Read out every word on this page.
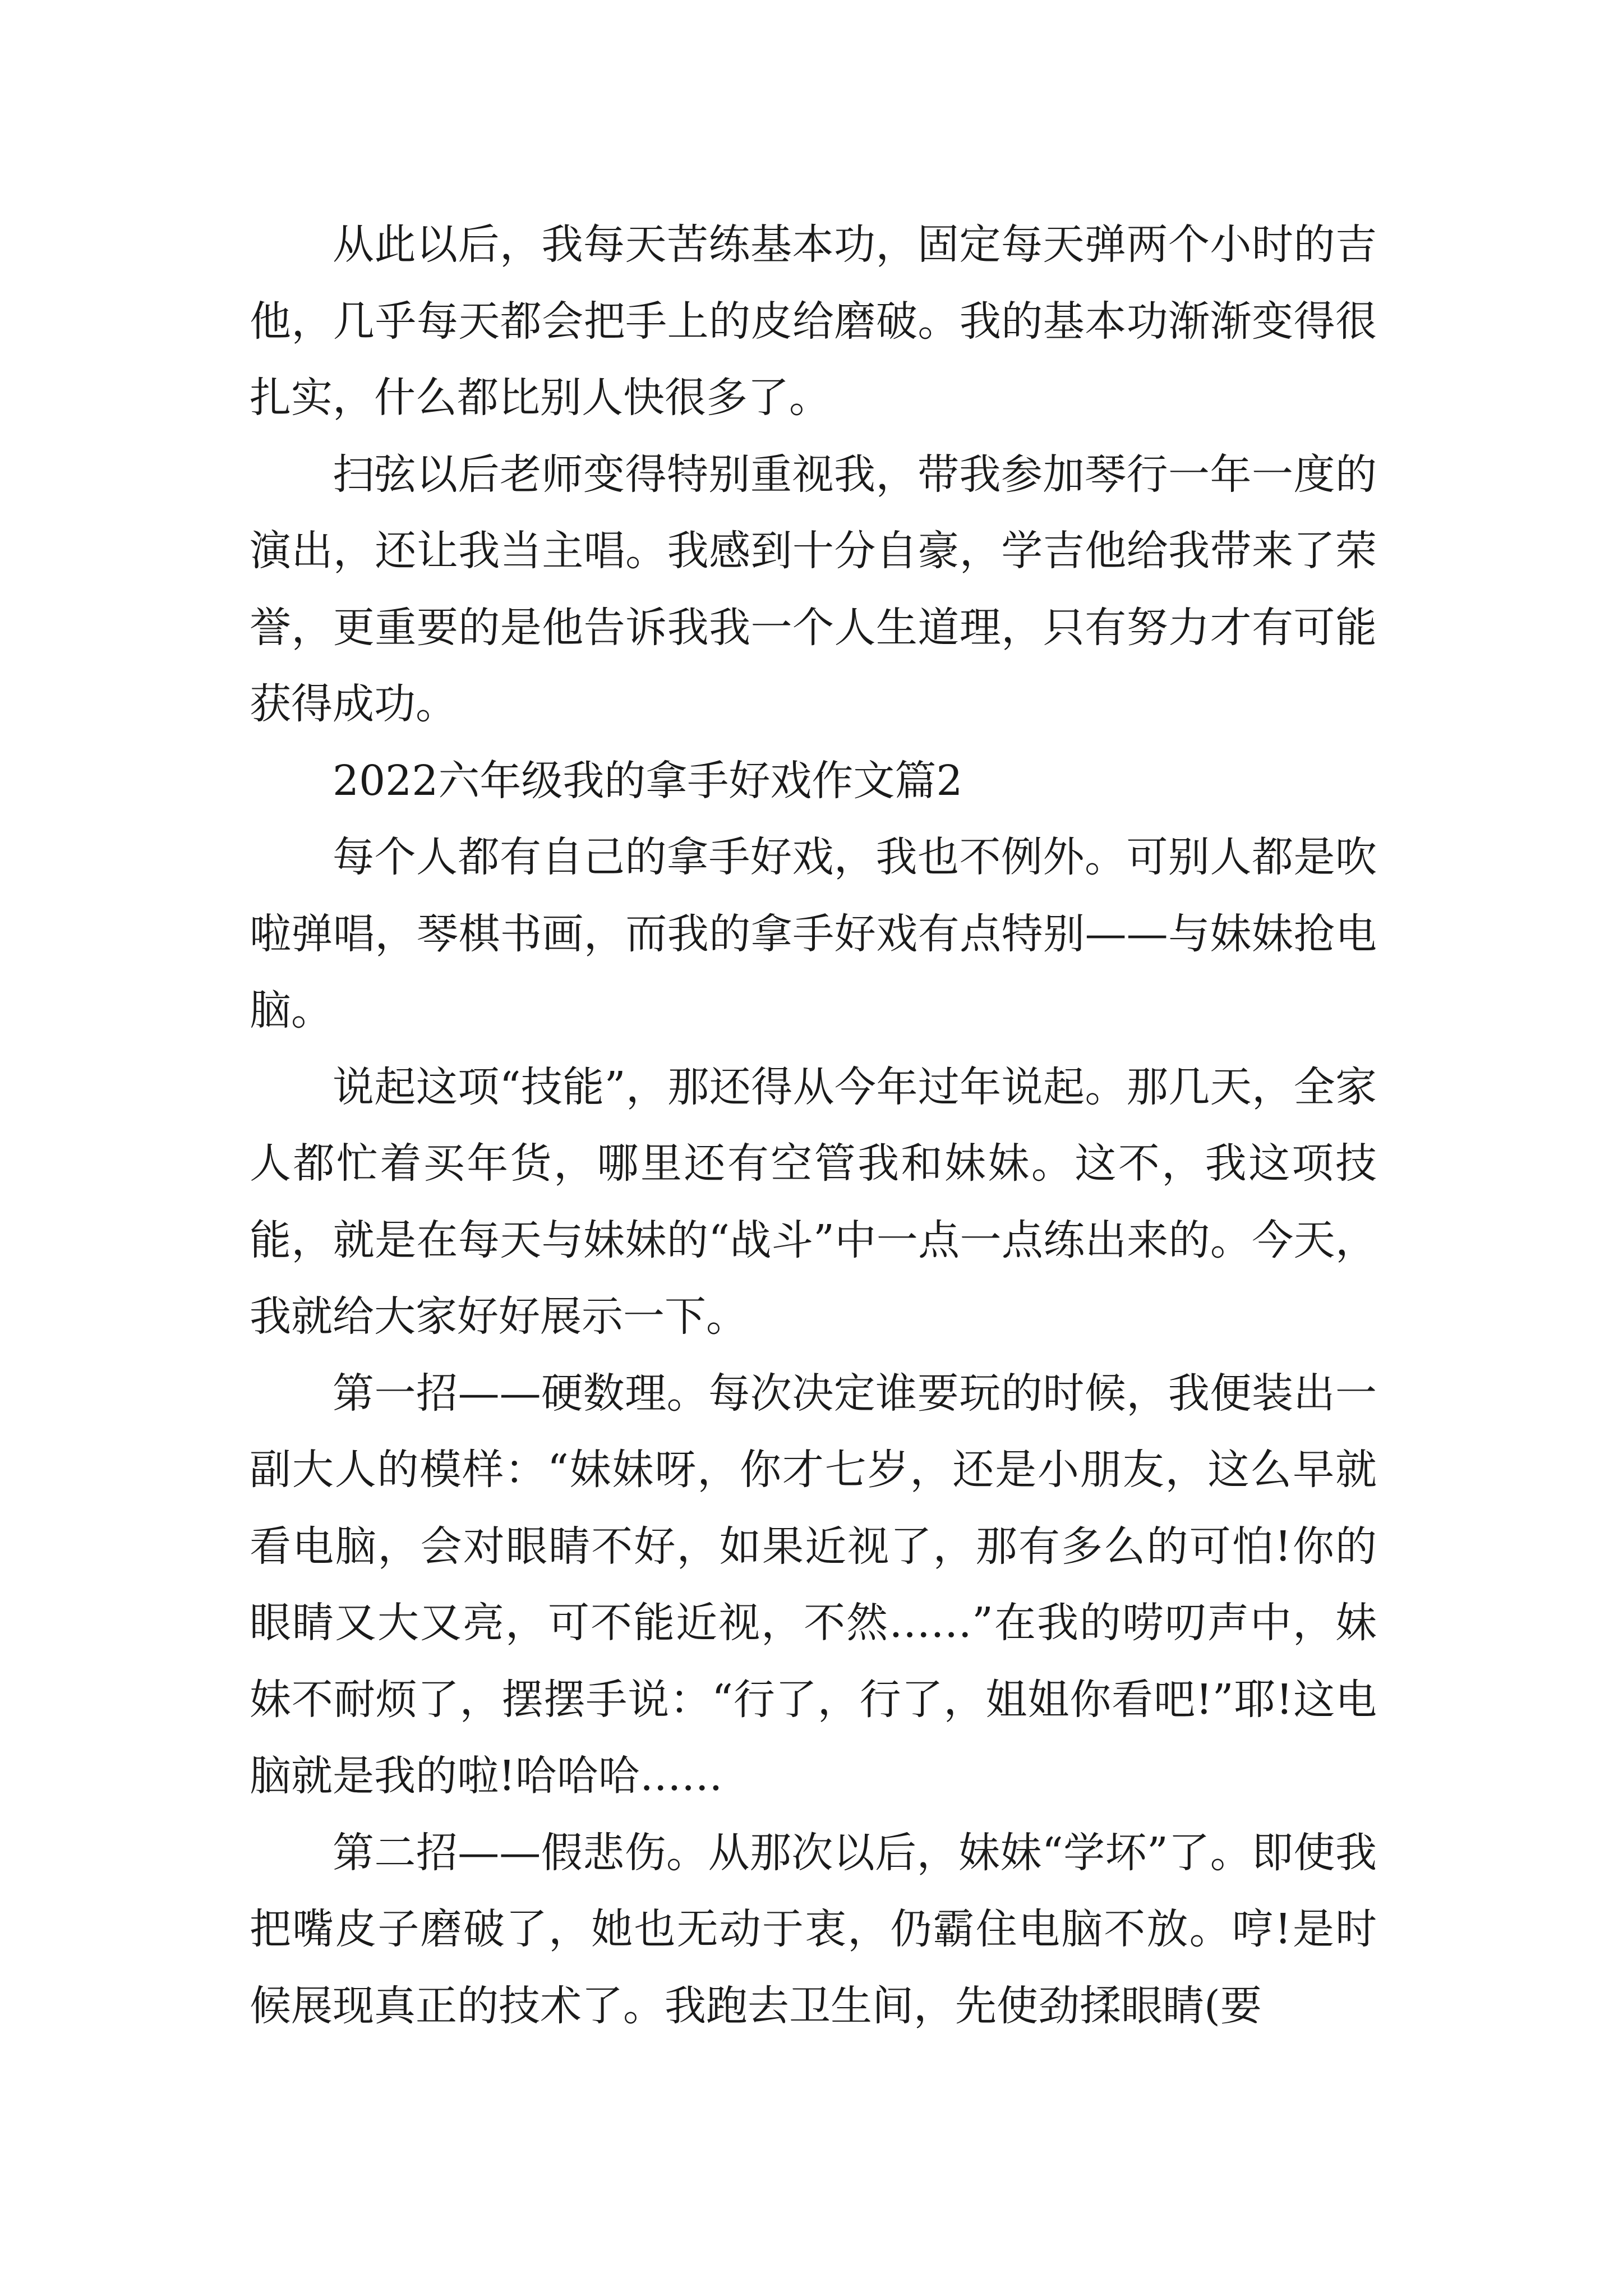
从此以后，我每天苦练基本功，固定每天弹两个小时的吉他，几乎每天都会把手上的皮给磨破。我的基本功渐渐变得很扎实，什么都比别人快很多了。

扫弦以后老师变得特别重视我，带我参加琴行一年一度的演出，还让我当主唱。我感到十分自豪，学吉他给我带来了荣誉，更重要的是他告诉我我一个人生道理，只有努力才有可能获得成功。

2022六年级我的拿手好戏作文篇2

每个人都有自己的拿手好戏，我也不例外。可别人都是吹啦弹唱，琴棋书画，而我的拿手好戏有点特别——与妹妹抢电脑。

说起这项“技能”，那还得从今年过年说起。那几天，全家人都忙着买年货，哪里还有空管我和妹妹。这不，我这项技能，就是在每天与妹妹的“战斗”中一点一点练出来的。今天，我就给大家好好展示一下。

第一招——硬数理。每次决定谁要玩的时候，我便装出一副大人的模样：“妹妹呀，你才七岁，还是小朋友，这么早就看电脑，会对眼睛不好，如果近视了，那有多么的可怕!你的眼睛又大又亮，可不能近视，不然……”在我的唠叨声中，妹妹不耐烦了，摆摆手说：“行了，行了，姐姐你看吧!”耶!这电脑就是我的啦!哈哈哈……

第二招——假悲伤。从那次以后，妹妹“学坏”了。即使我把嘴皮子磨破了，她也无动于衷，仍霸住电脑不放。哼!是时候展现真正的技术了。我跑去卫生间，先使劲揉眼睛(要
